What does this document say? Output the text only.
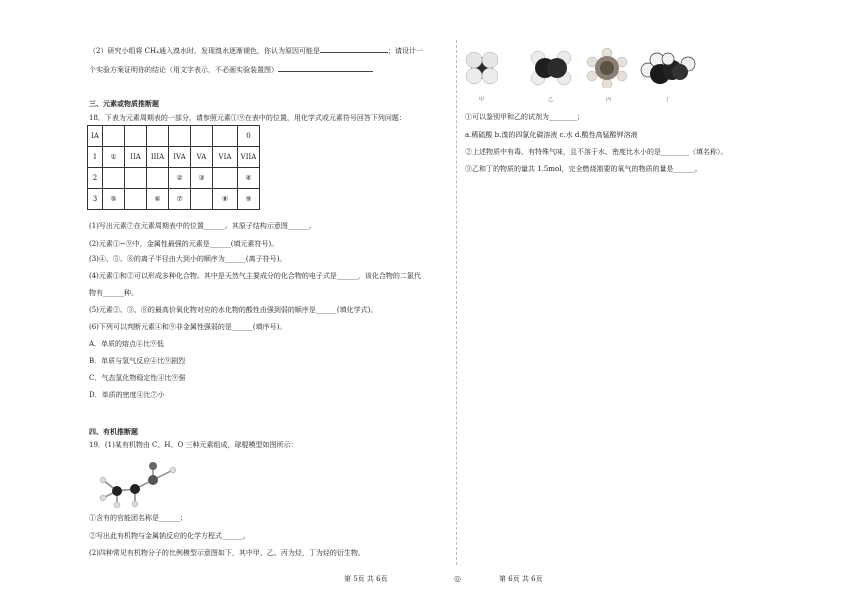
（2）研究小组将 CH₄通入溴水时，发现溴水逐渐褪色，你认为原因可能是	；请设计一
个实验方案证明你的结论（用文字表示，不必画实验装置图）
三、元素或物质推断题
18．下表为元素周期表的一部分，请参照元素①⑨在表中的位置，用化学式或元素符号回答下列问题：
IA							0
1	①	IIA	IIIA	IVA	VA	VIA	VIIA
2				②	③		④
3	⑤		⑥	⑦		⑧	⑨
(1)写出元素⑦在元素周期表中的位置______。其原子结构示意图______。
(2)元素①~⑨中，金属性最强的元素是______(填元素符号)。
(3)④、⑤、⑧的离子半径由大到小的顺序为______(离子符号)。
(4)元素①和②可以形成多种化合物。其中是天然气主要成分的化合物的电子式是______，该化合物的二氯代
物有______种。
(5)元素②、③、⑧的最高价氧化物对应的水化物的酸性由强到弱的顺序是______(填化学式)。
(6)下列可以判断元素④和⑨非金属性强弱的是______(填序号)。
A．单质的熔点④比⑨低
B．单质与氢气反应④比⑨剧烈
C．气态氢化物稳定性④比⑨强
D．单质的密度④比⑦小
四、有机推断题
19．(1)某有机物由 C、H、O 三种元素组成，球棍模型如图所示：
①含有的官能团名称是______；
②写出此有机物与金属钠反应的化学方程式______。
(2)四种常见有机物分子的比例模型示意图如下，其中甲、乙、丙为烃，丁为烃的衍生物。
第 5页 共 6页	◎
甲	乙	丙	丁
①可以鉴别甲和乙的试剂为________；
a.稀硫酸 b.溴的四氯化碳溶液 c.水 d.酸性高锰酸钾溶液
②上述物质中有毒、有特殊气味，且不溶于水、密度比水小的是________（填名称）。
③乙和丁的物质的量共 1.5mol，完全燃烧需要的氧气的物质的量是______。
第 6页 共 6页
